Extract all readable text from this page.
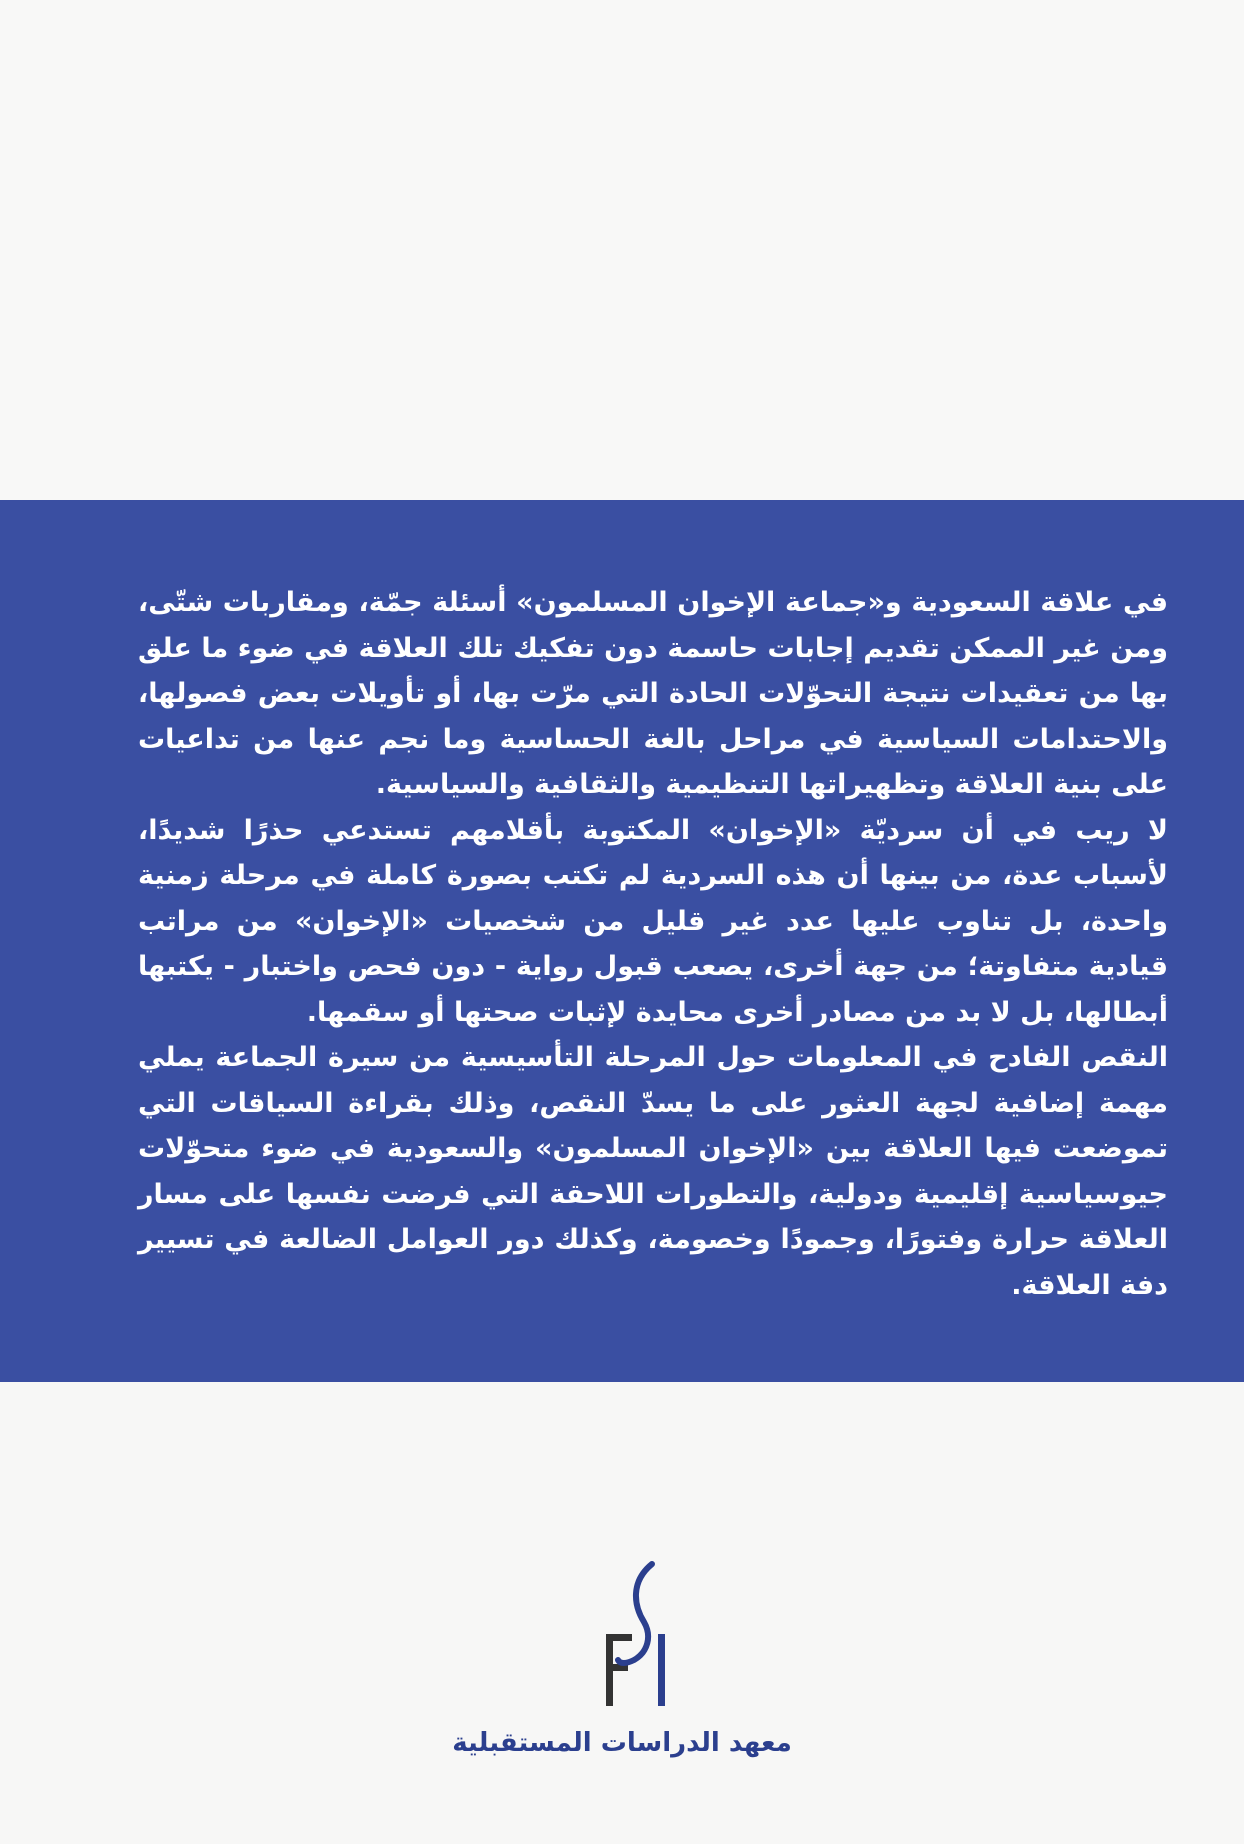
في علاقة السعودية و«جماعة الإخوان المسلمون» أسئلة جمّة، ومقاربات شتّى، ومن غير الممكن تقديم إجابات حاسمة دون تفكيك تلك العلاقة في ضوء ما علق بها من تعقيدات نتيجة التحوّلات الحادة التي مرّت بها، أو تأويلات بعض فصولها، والاحتدامات السياسية في مراحل بالغة الحساسية وما نجم عنها من تداعيات على بنية العلاقة وتظهيراتها التنظيمية والثقافية والسياسية.

لا ريب في أن سرديّة «الإخوان» المكتوبة بأقلامهم تستدعي حذرًا شديدًا، لأسباب عدة، من بينها أن هذه السردية لم تكتب بصورة كاملة في مرحلة زمنية واحدة، بل تناوب عليها عدد غير قليل من شخصيات «الإخوان» من مراتب قيادية متفاوتة؛ من جهة أخرى، يصعب قبول رواية - دون فحص واختبار - يكتبها أبطالها، بل لا بد من مصادر أخرى محايدة لإثبات صحتها أو سقمها.

النقص الفادح في المعلومات حول المرحلة التأسيسية من سيرة الجماعة يملي مهمة إضافية لجهة العثور على ما يسدّ النقص، وذلك بقراءة السياقات التي تموضعت فيها العلاقة بين «الإخوان المسلمون» والسعودية في ضوء متحوّلات جيوسياسية إقليمية ودولية، والتطورات اللاحقة التي فرضت نفسها على مسار العلاقة حرارة وفتورًا، وجمودًا وخصومة، وكذلك دور العوامل الضالعة في تسيير دفة العلاقة.

معهد الدراسات المستقبلية
